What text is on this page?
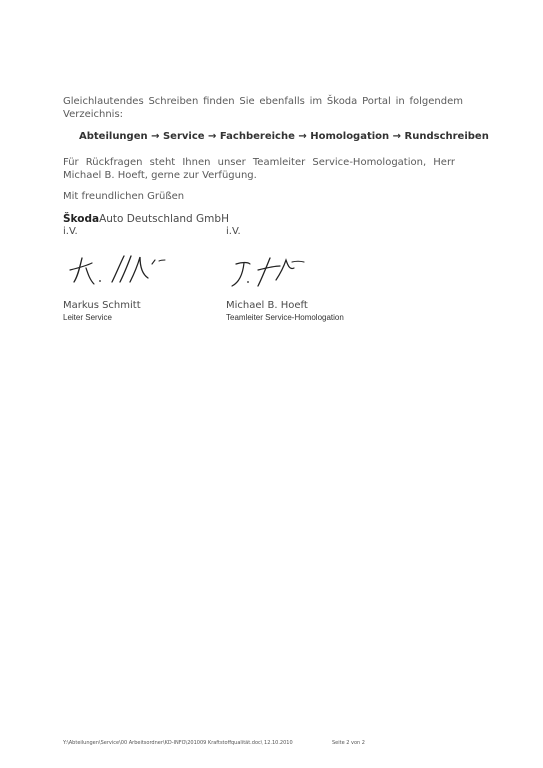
Gleichlautendes Schreiben finden Sie ebenfalls im Škoda Portal in folgendem Verzeichnis:
Abteilungen → Service → Fachbereiche → Homologation → Rundschreiben
Für Rückfragen steht Ihnen unser Teamleiter Service-Homologation, Herr Michael B. Hoeft, gerne zur Verfügung.
Mit freundlichen Grüßen
ŠkodaAuto Deutschland GmbH
i.V.	i.V.
Markus Schmitt	Michael B. Hoeft
Leiter Service	Teamleiter Service-Homologation
Y:\Abteilungen\Service\00 Arbeitsordner\KD-INFO\201009 Kraftstoffqualität.doc\ 12.10.2010	Seite 2 von 2
